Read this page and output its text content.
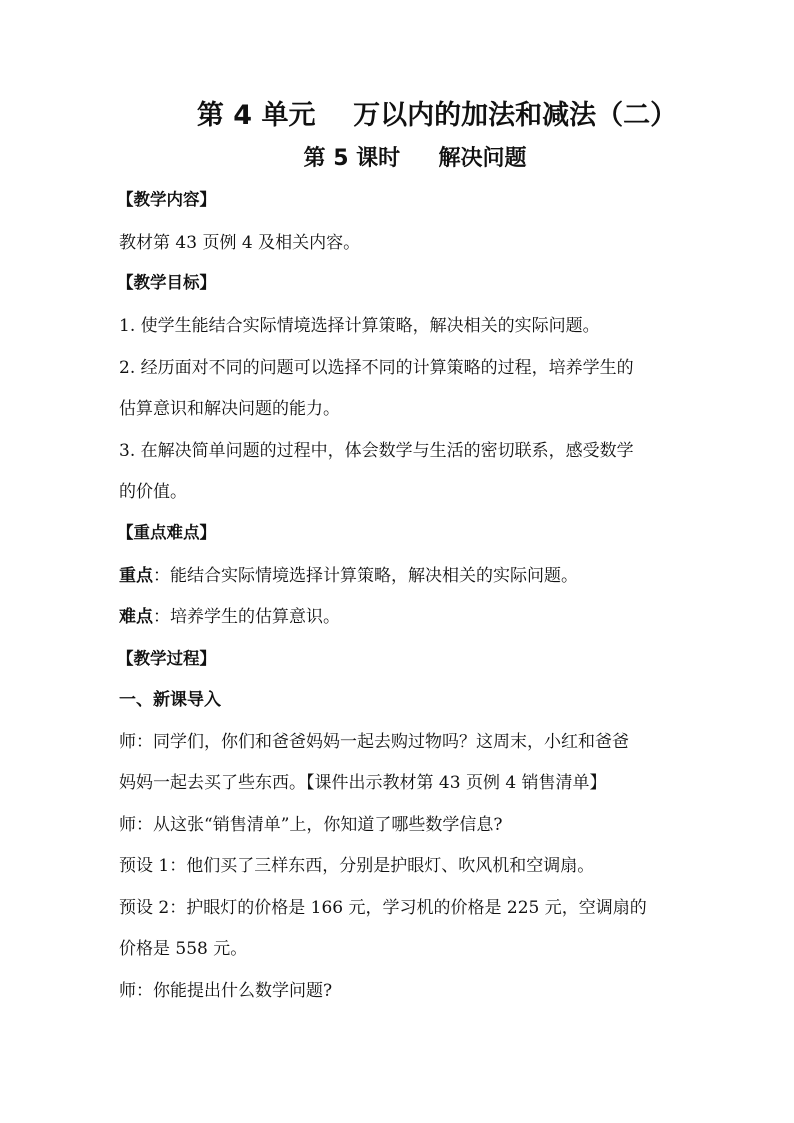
第 4 单元    万以内的加法和减法（二）
第 5 课时     解决问题
【教学内容】
教材第 43 页例 4 及相关内容。
【教学目标】
1. 使学生能结合实际情境选择计算策略，解决相关的实际问题。
2. 经历面对不同的问题可以选择不同的计算策略的过程，培养学生的
估算意识和解决问题的能力。
3. 在解决简单问题的过程中，体会数学与生活的密切联系，感受数学
的价值。
【重点难点】
重点：能结合实际情境选择计算策略，解决相关的实际问题。
难点：培养学生的估算意识。
【教学过程】
一、新课导入
师：同学们，你们和爸爸妈妈一起去购过物吗？这周末，小红和爸爸
妈妈一起去买了些东西。【课件出示教材第 43 页例 4 销售清单】
师：从这张“销售清单”上，你知道了哪些数学信息?
预设 1：他们买了三样东西，分别是护眼灯、吹风机和空调扇。
预设 2：护眼灯的价格是 166 元，学习机的价格是 225 元，空调扇的
价格是 558 元。
师：你能提出什么数学问题?
